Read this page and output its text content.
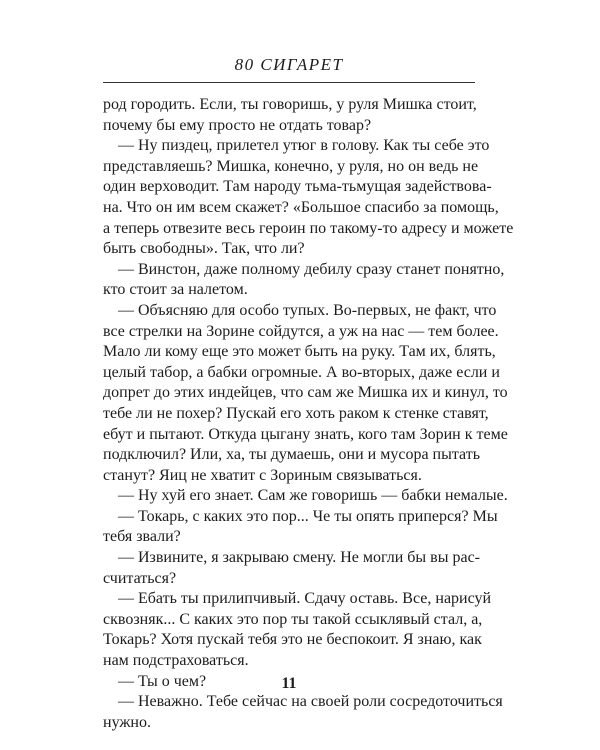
80 СИГАРЕТ
род городить. Если, ты говоришь, у руля Мишка стоит,
почему бы ему просто не отдать товар?
— Ну пиздец, прилетел утюг в голову. Как ты себе это
представляешь? Мишка, конечно, у руля, но он ведь не
один верховодит. Там народу тьма-тьмущая задействова-
на. Что он им всем скажет? «Большое спасибо за помощь,
а теперь отвезите весь героин по такому-то адресу и можете
быть свободны». Так, что ли?
— Винстон, даже полному дебилу сразу станет понятно,
кто стоит за налетом.
— Объясняю для особо тупых. Во-первых, не факт, что
все стрелки на Зорине сойдутся, а уж на нас — тем более.
Мало ли кому еще это может быть на руку. Там их, блять,
целый табор, а бабки огромные. А во-вторых, даже если и
допрет до этих индейцев, что сам же Мишка их и кинул, то
тебе ли не похер? Пускай его хоть раком к стенке ставят,
ебут и пытают. Откуда цыгану знать, кого там Зорин к теме
подключил? Или, ха, ты думаешь, они и мусора пытать
станут? Яиц не хватит с Зориным связываться.
— Ну хуй его знает. Сам же говоришь — бабки немалые.
— Токарь, с каких это пор... Че ты опять приперся? Мы
тебя звали?
— Извините, я закрываю смену. Не могли бы вы рас-
считаться?
— Ебать ты прилипчивый. Сдачу оставь. Все, нарисуй
сквозняк... С каких это пор ты такой ссыклявый стал, а,
Токарь? Хотя пускай тебя это не беспокоит. Я знаю, как
нам подстраховаться.
— Ты о чем?
— Неважно. Тебе сейчас на своей роли сосредоточиться
нужно.
11
